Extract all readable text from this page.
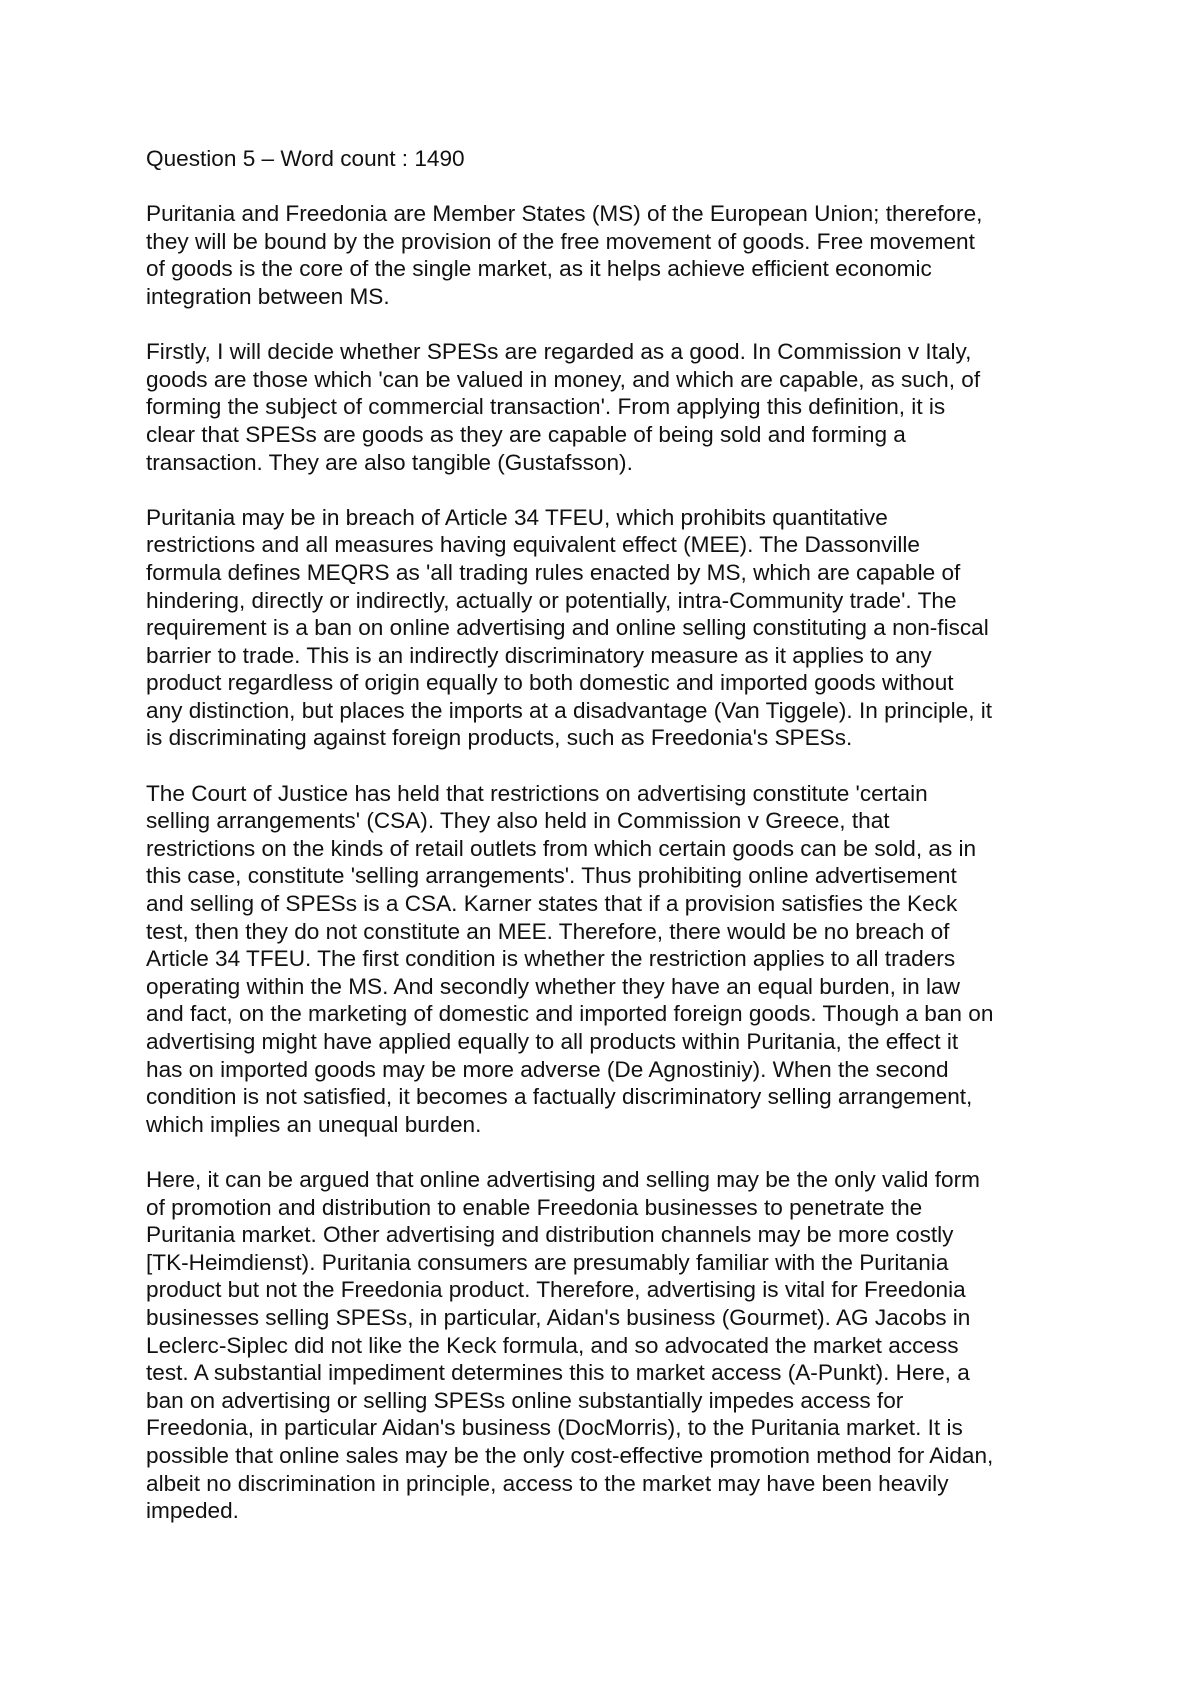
Question 5 – Word count : 1490
Puritania and Freedonia are Member States (MS) of the European Union; therefore,
they will be bound by the provision of the free movement of goods. Free movement
of goods is the core of the single market, as it helps achieve efficient economic
integration between MS.
Firstly, I will decide whether SPESs are regarded as a good. In Commission v Italy,
goods are those which 'can be valued in money, and which are capable, as such, of
forming the subject of commercial transaction'. From applying this definition, it is
clear that SPESs are goods as they are capable of being sold and forming a
transaction. They are also tangible (Gustafsson).
Puritania may be in breach of Article 34 TFEU, which prohibits quantitative
restrictions and all measures having equivalent effect (MEE). The Dassonville
formula defines MEQRS as 'all trading rules enacted by MS, which are capable of
hindering, directly or indirectly, actually or potentially, intra-Community trade'. The
requirement is a ban on online advertising and online selling constituting a non-fiscal
barrier to trade. This is an indirectly discriminatory measure as it applies to any
product regardless of origin equally to both domestic and imported goods without
any distinction, but places the imports at a disadvantage (Van Tiggele). In principle, it
is discriminating against foreign products, such as Freedonia's SPESs.
The Court of Justice has held that restrictions on advertising constitute 'certain
selling arrangements' (CSA). They also held in Commission v Greece, that
restrictions on the kinds of retail outlets from which certain goods can be sold, as in
this case, constitute 'selling arrangements'. Thus prohibiting online advertisement
and selling of SPESs is a CSA. Karner states that if a provision satisfies the Keck
test, then they do not constitute an MEE. Therefore, there would be no breach of
Article 34 TFEU. The first condition is whether the restriction applies to all traders
operating within the MS. And secondly whether they have an equal burden, in law
and fact, on the marketing of domestic and imported foreign goods. Though a ban on
advertising might have applied equally to all products within Puritania, the effect it
has on imported goods may be more adverse (De Agnostiniy). When the second
condition is not satisfied, it becomes a factually discriminatory selling arrangement,
which implies an unequal burden.
Here, it can be argued that online advertising and selling may be the only valid form
of promotion and distribution to enable Freedonia businesses to penetrate the
Puritania market. Other advertising and distribution channels may be more costly
[TK-Heimdienst). Puritania consumers are presumably familiar with the Puritania
product but not the Freedonia product. Therefore, advertising is vital for Freedonia
businesses selling SPESs, in particular, Aidan's business (Gourmet). AG Jacobs in
Leclerc-Siplec did not like the Keck formula, and so advocated the market access
test. A substantial impediment determines this to market access (A-Punkt). Here, a
ban on advertising or selling SPESs online substantially impedes access for
Freedonia, in particular Aidan's business (DocMorris), to the Puritania market. It is
possible that online sales may be the only cost-effective promotion method for Aidan,
albeit no discrimination in principle, access to the market may have been heavily
impeded.
